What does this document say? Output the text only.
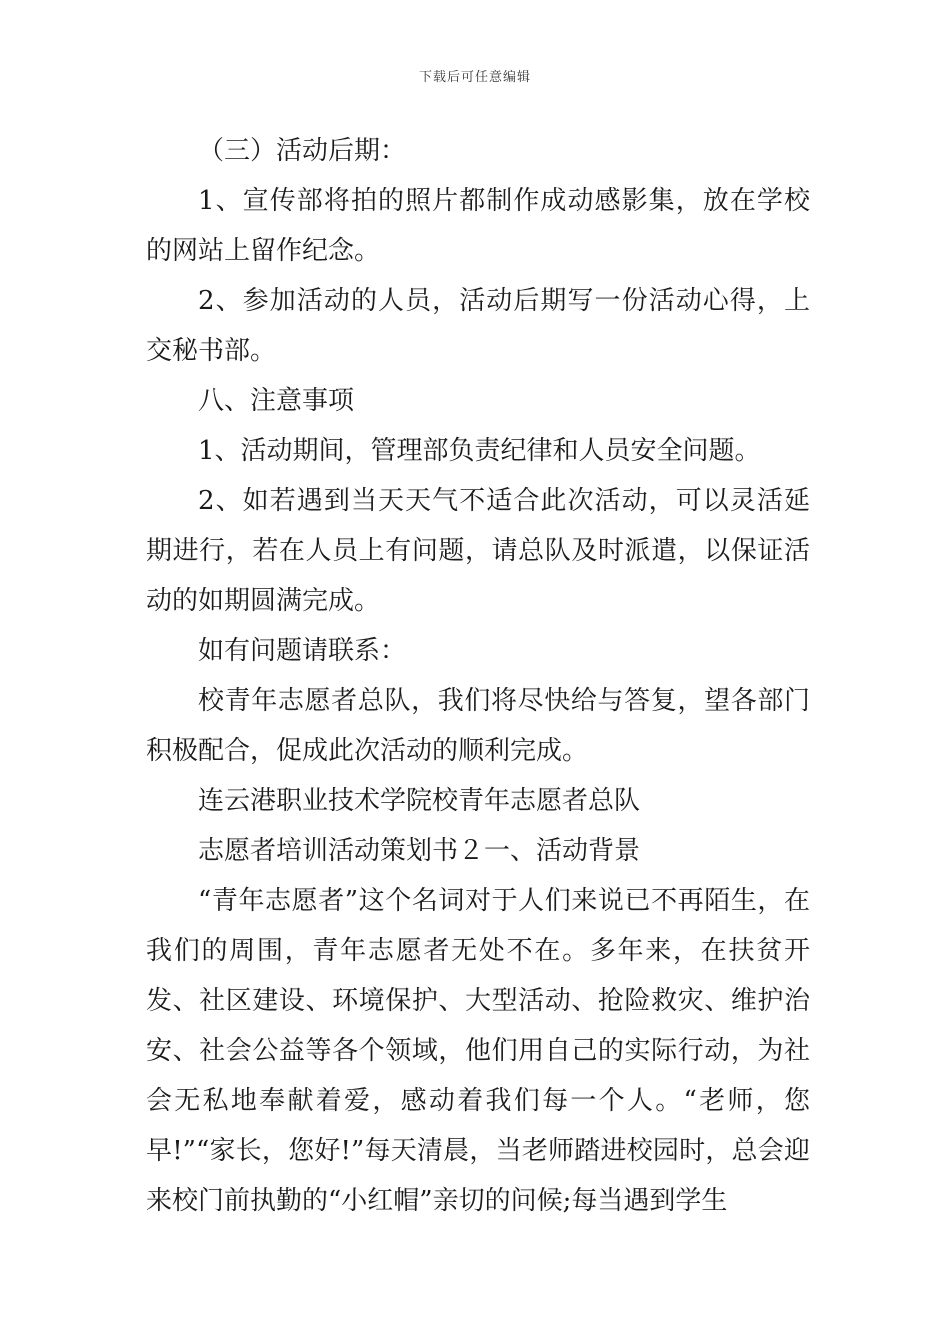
下载后可任意编辑

（三）活动后期：

1、宣传部将拍的照片都制作成动感影集，放在学校的网站上留作纪念。

2、参加活动的人员，活动后期写一份活动心得，上交秘书部。

八、注意事项

1、活动期间，管理部负责纪律和人员安全问题。

2、如若遇到当天天气不适合此次活动，可以灵活延期进行，若在人员上有问题，请总队及时派遣，以保证活动的如期圆满完成。

如有问题请联系：

校青年志愿者总队，我们将尽快给与答复，望各部门积极配合，促成此次活动的顺利完成。

连云港职业技术学院校青年志愿者总队

志愿者培训活动策划书２一、活动背景

“青年志愿者”这个名词对于人们来说已不再陌生，在我们的周围，青年志愿者无处不在。多年来，在扶贫开发、社区建设、环境保护、大型活动、抢险救灾、维护治安、社会公益等各个领域，他们用自己的实际行动，为社会无私地奉献着爱，感动着我们每一个人。“老师，您早!”“家长，您好!”每天清晨，当老师踏进校园时，总会迎来校门前执勤的“小红帽”亲切的问候;每当遇到学生
